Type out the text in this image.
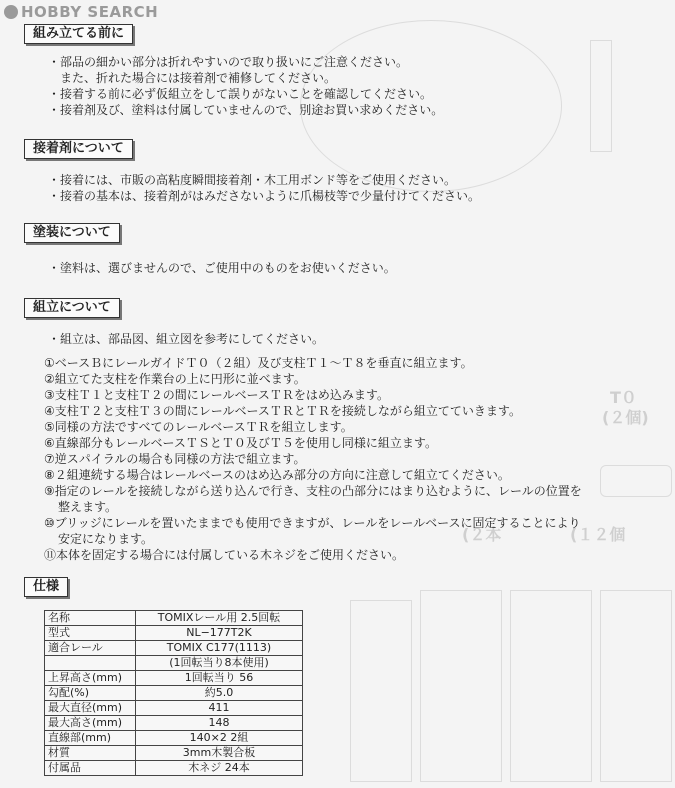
T０
(２個)
(２本	(１２個
HOBBY SEARCH
組み立てる前に
・部品の細かい部分は折れやすいので取り扱いにご注意ください。
また、折れた場合には接着剤で補修してください。
・接着する前に必ず仮組立をして誤りがないことを確認してください。
・接着剤及び、塗料は付属していませんので、別途お買い求めください。
接着剤について
・接着には、市販の高粘度瞬間接着剤・木工用ボンド等をご使用ください。
・接着の基本は、接着剤がはみださないように爪楊枝等で少量付けてください。
塗装について
・塗料は、選びませんので、ご使用中のものをお使いください。
組立について
・組立は、部品図、組立図を参考にしてください。
①ベースＢにレールガイドＴ０（２組）及び支柱Ｔ１～Ｔ８を垂直に組立ます。
②組立てた支柱を作業台の上に円形に並べます。
③支柱Ｔ１と支柱Ｔ２の間にレールベースＴＲをはめ込みます。
④支柱Ｔ２と支柱Ｔ３の間にレールベースＴＲとＴＲを接続しながら組立てていきます。
⑤同様の方法ですべてのレールベースＴＲを組立します。
⑥直線部分もレールベースＴＳとＴ０及びＴ５を使用し同様に組立ます。
⑦逆スパイラルの場合も同様の方法で組立ます。
⑧２組連続する場合はレールベースのはめ込み部分の方向に注意して組立てください。
⑨指定のレールを接続しながら送り込んで行き、支柱の凸部分にはまり込むように、レールの位置を
整えます。
⑩ブリッジにレールを置いたままでも使用できますが、レールをレールベースに固定することにより
安定になります。
⑪本体を固定する場合には付属している木ネジをご使用ください。
仕様
名称	TOMIXレール用 2.5回転
型式	NL−177T2K
適合レール	TOMIX C177(1113)
	(1回転当り8本使用)
上昇高さ(mm)	1回転当り 56
勾配(%)	約5.0
最大直径(mm)	411
最大高さ(mm)	148
直線部(mm)	140×2 2組
材質	3mm木製合板
付属品	木ネジ 24本
